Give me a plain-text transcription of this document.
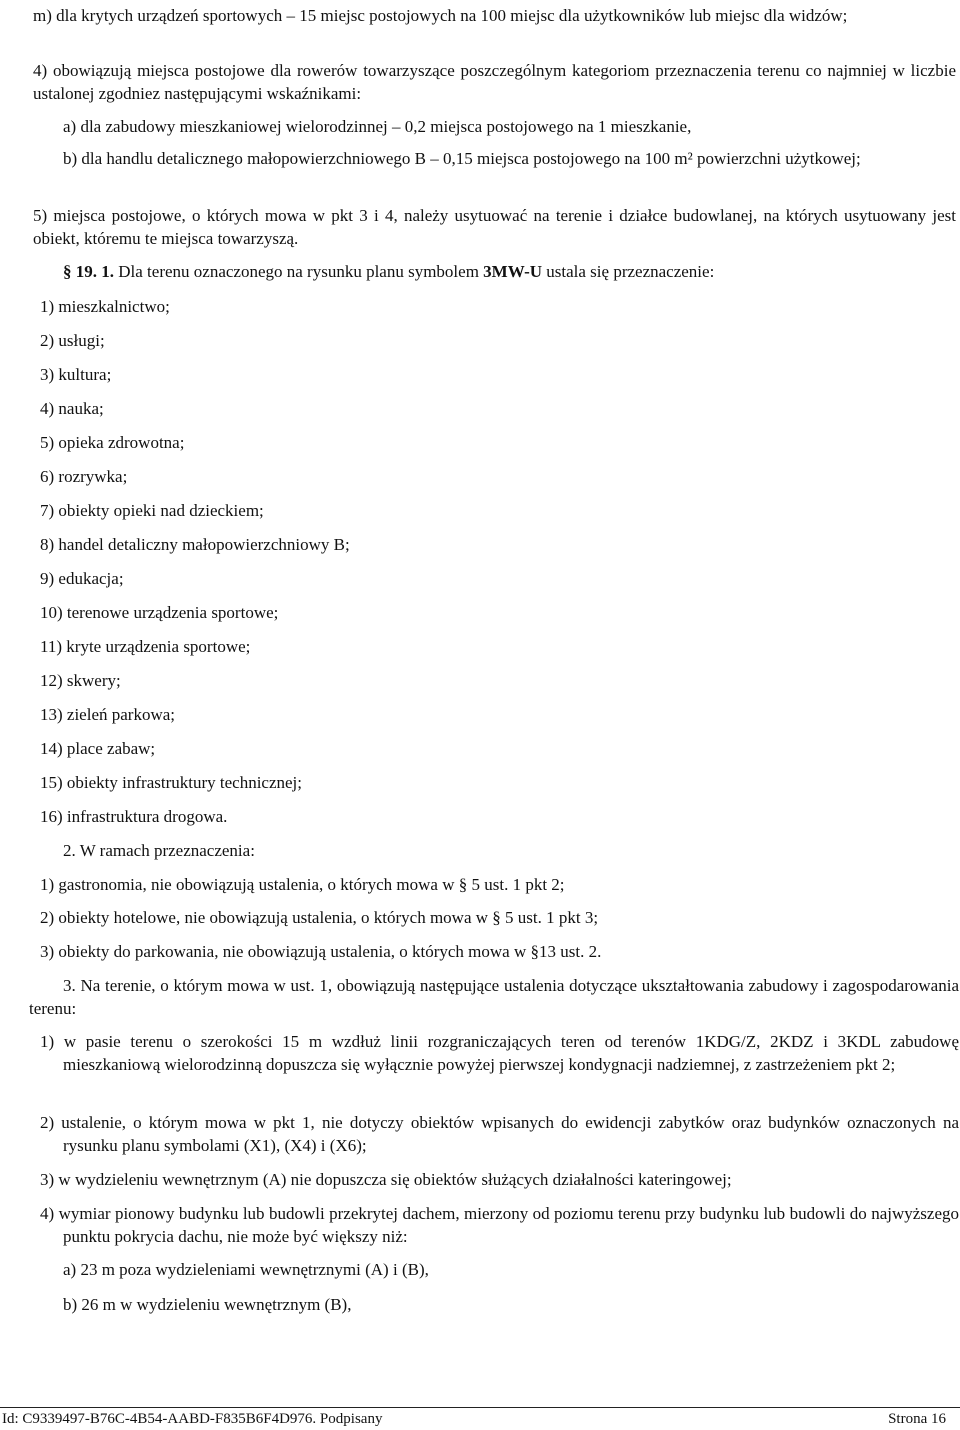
m) dla krytych urządzeń sportowych – 15 miejsc postojowych na 100 miejsc dla użytkowników lub miejsc dla widzów;

4) obowiązują miejsca postojowe dla rowerów towarzyszące poszczególnym kategoriom przeznaczenia terenu co najmniej w liczbie ustalonej zgodniez następującymi wskaźnikami:

a) dla zabudowy mieszkaniowej wielorodzinnej – 0,2 miejsca postojowego na 1 mieszkanie,

b) dla handlu detalicznego małopowierzchniowego B – 0,15 miejsca postojowego na 100 m² powierzchni użytkowej;

5) miejsca postojowe, o których mowa w pkt 3 i 4, należy usytuować na terenie i działce budowlanej, na których usytuowany jest obiekt, któremu te miejsca towarzyszą.

§ 19. 1. Dla terenu oznaczonego na rysunku planu symbolem 3MW-U ustala się przeznaczenie:

1) mieszkalnictwo;

2) usługi;

3) kultura;

4) nauka;

5) opieka zdrowotna;

6) rozrywka;

7) obiekty opieki nad dzieckiem;

8) handel detaliczny małopowierzchniowy B;

9) edukacja;

10) terenowe urządzenia sportowe;

11) kryte urządzenia sportowe;

12) skwery;

13) zieleń parkowa;

14) place zabaw;

15) obiekty infrastruktury technicznej;

16) infrastruktura drogowa.

2. W ramach przeznaczenia:

1) gastronomia, nie obowiązują ustalenia, o których mowa w § 5 ust. 1 pkt 2;

2) obiekty hotelowe, nie obowiązują ustalenia, o których mowa w § 5 ust. 1 pkt 3;

3) obiekty do parkowania, nie obowiązują ustalenia, o których mowa w §13 ust. 2.

3. Na terenie, o którym mowa w ust. 1, obowiązują następujące ustalenia dotyczące ukształtowania zabudowy i zagospodarowania terenu:

1) w pasie terenu o szerokości 15 m wzdłuż linii rozgraniczających teren od terenów 1KDG/Z, 2KDZ i 3KDL zabudowę mieszkaniową wielorodzinną dopuszcza się wyłącznie powyżej pierwszej kondygnacji nadziemnej, z zastrzeżeniem pkt 2;

2) ustalenie, o którym mowa w pkt 1, nie dotyczy obiektów wpisanych do ewidencji zabytków oraz budynków oznaczonych na rysunku planu symbolami (X1), (X4) i (X6);

3) w wydzieleniu wewnętrznym (A) nie dopuszcza się obiektów służących działalności kateringowej;

4) wymiar pionowy budynku lub budowli przekrytej dachem, mierzony od poziomu terenu przy budynku lub budowli do najwyższego punktu pokrycia dachu, nie może być większy niż:

a) 23 m poza wydzieleniami wewnętrznymi (A) i (B),

b) 26 m w wydzieleniu wewnętrznym (B),

Id: C9339497-B76C-4B54-AABD-F835B6F4D976. Podpisany	Strona 16
